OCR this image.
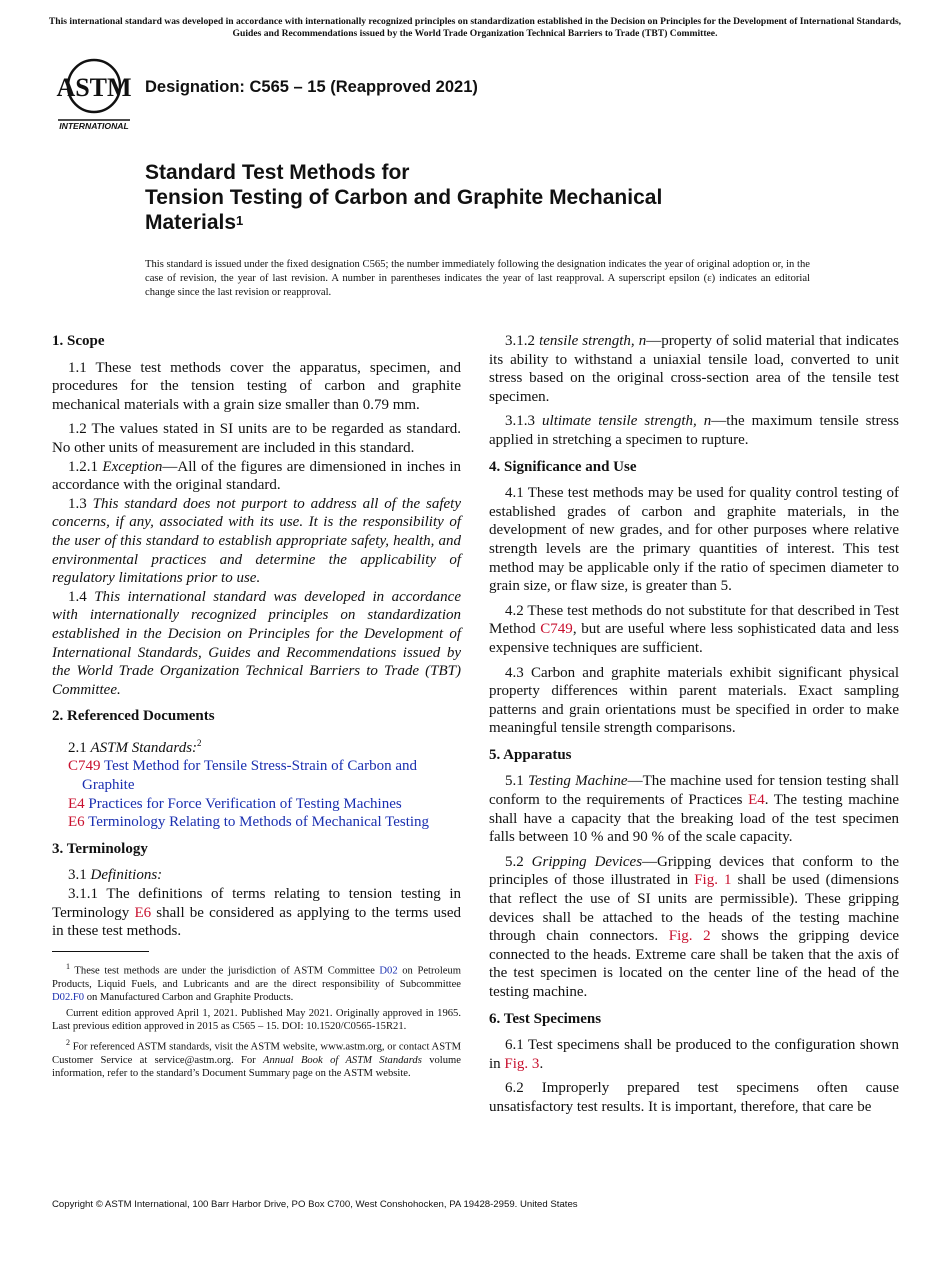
This international standard was developed in accordance with internationally recognized principles on standardization established in the Decision on Principles for the Development of International Standards, Guides and Recommendations issued by the World Trade Organization Technical Barriers to Trade (TBT) Committee.
ASTM
INTERNATIONAL
Designation: C565 – 15 (Reapproved 2021)
Standard Test Methods for
Tension Testing of Carbon and Graphite Mechanical
Materials$^1$
This standard is issued under the fixed designation C565; the number immediately following the designation indicates the year of original adoption or, in the case of revision, the year of last revision. A number in parentheses indicates the year of last reapproval. A superscript epsilon (ε) indicates an editorial change since the last revision or reapproval.
1. Scope

1.1 These test methods cover the apparatus, specimen, and procedures for the tension testing of carbon and graphite mechanical materials with a grain size smaller than 0.79 mm.

1.2 The values stated in SI units are to be regarded as standard. No other units of measurement are included in this standard.

1.2.1 Exception—All of the figures are dimensioned in inches in accordance with the original standard.

1.3 This standard does not purport to address all of the safety concerns, if any, associated with its use. It is the responsibility of the user of this standard to establish appropriate safety, health, and environmental practices and determine the applicability of regulatory limitations prior to use.

1.4 This international standard was developed in accordance with internationally recognized principles on standardization established in the Decision on Principles for the Development of International Standards, Guides and Recommendations issued by the World Trade Organization Technical Barriers to Trade (TBT) Committee.

2. Referenced Documents

2.1 ASTM Standards:$^2$

C749 Test Method for Tensile Stress-Strain of Carbon and Graphite

E4 Practices for Force Verification of Testing Machines

E6 Terminology Relating to Methods of Mechanical Testing

3. Terminology

3.1 Definitions:

3.1.1 The definitions of terms relating to tension testing in Terminology E6 shall be considered as applying to the terms used in these test methods.

$^1$ These test methods are under the jurisdiction of ASTM Committee D02 on Petroleum Products, Liquid Fuels, and Lubricants and are the direct responsibility of Subcommittee D02.F0 on Manufactured Carbon and Graphite Products.

Current edition approved April 1, 2021. Published May 2021. Originally approved in 1965. Last previous edition approved in 2015 as C565 – 15. DOI: 10.1520/C0565-15R21.

$^2$ For referenced ASTM standards, visit the ASTM website, www.astm.org, or contact ASTM Customer Service at service@astm.org. For Annual Book of ASTM Standards volume information, refer to the standard’s Document Summary page on the ASTM website.

3.1.2 tensile strength, n—property of solid material that indicates its ability to withstand a uniaxial tensile load, converted to unit stress based on the original cross-section area of the tensile test specimen.

3.1.3 ultimate tensile strength, n—the maximum tensile stress applied in stretching a specimen to rupture.

4. Significance and Use

4.1 These test methods may be used for quality control testing of established grades of carbon and graphite materials, in the development of new grades, and for other purposes where relative strength levels are the primary quantities of interest. This test method may be applicable only if the ratio of specimen diameter to grain size, or flaw size, is greater than 5.

4.2 These test methods do not substitute for that described in Test Method C749, but are useful where less sophisticated data and less expensive techniques are sufficient.

4.3 Carbon and graphite materials exhibit significant physical property differences within parent materials. Exact sampling patterns and grain orientations must be specified in order to make meaningful tensile strength comparisons.

5. Apparatus

5.1 Testing Machine—The machine used for tension testing shall conform to the requirements of Practices E4. The testing machine shall have a capacity that the breaking load of the test specimen falls between 10 % and 90 % of the scale capacity.

5.2 Gripping Devices—Gripping devices that conform to the principles of those illustrated in Fig. 1 shall be used (dimensions that reflect the use of SI units are permissible). These gripping devices shall be attached to the heads of the testing machine through chain connectors. Fig. 2 shows the gripping device connected to the heads. Extreme care shall be taken that the axis of the test specimen is located on the center line of the head of the testing machine.

6. Test Specimens

6.1 Test specimens shall be produced to the configuration shown in Fig. 3.

6.2 Improperly prepared test specimens often cause unsatisfactory test results. It is important, therefore, that care be

Copyright © ASTM International, 100 Barr Harbor Drive, PO Box C700, West Conshohocken, PA 19428-2959. United States
